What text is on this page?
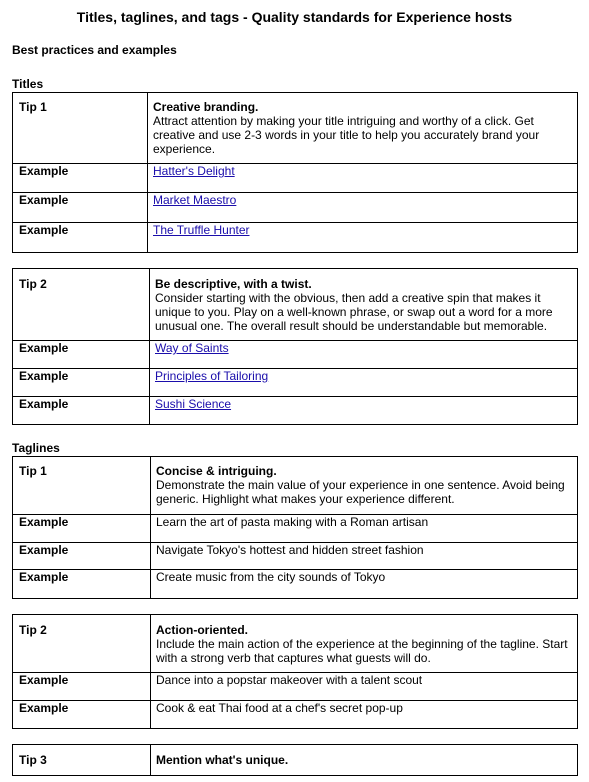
Titles, taglines, and tags - Quality standards for Experience hosts
Best practices and examples
Titles
Tip 1	Creative branding.
Attract attention by making your title intriguing and worthy of a click. Get creative and use 2-3 words in your title to help you accurately brand your experience.

Example	Hatter's Delight
Example	Market Maestro
Example	The Truffle Hunter
Tip 2	Be descriptive, with a twist.
Consider starting with the obvious, then add a creative spin that makes it unique to you. Play on a well-known phrase, or swap out a word for a more unusual one. The overall result should be understandable but memorable.

Example	Way of Saints
Example	Principles of Tailoring
Example	Sushi Science
Taglines
Tip 1	Concise & intriguing.
Demonstrate the main value of your experience in one sentence. Avoid being generic. Highlight what makes your experience different.

Example	Learn the art of pasta making with a Roman artisan
Example	Navigate Tokyo's hottest and hidden street fashion
Example	Create music from the city sounds of Tokyo
Tip 2	Action-oriented.
Include the main action of the experience at the beginning of the tagline. Start with a strong verb that captures what guests will do.

Example	Dance into a popstar makeover with a talent scout
Example	Cook & eat Thai food at a chef's secret pop-up
Tip 3	Mention what's unique.
